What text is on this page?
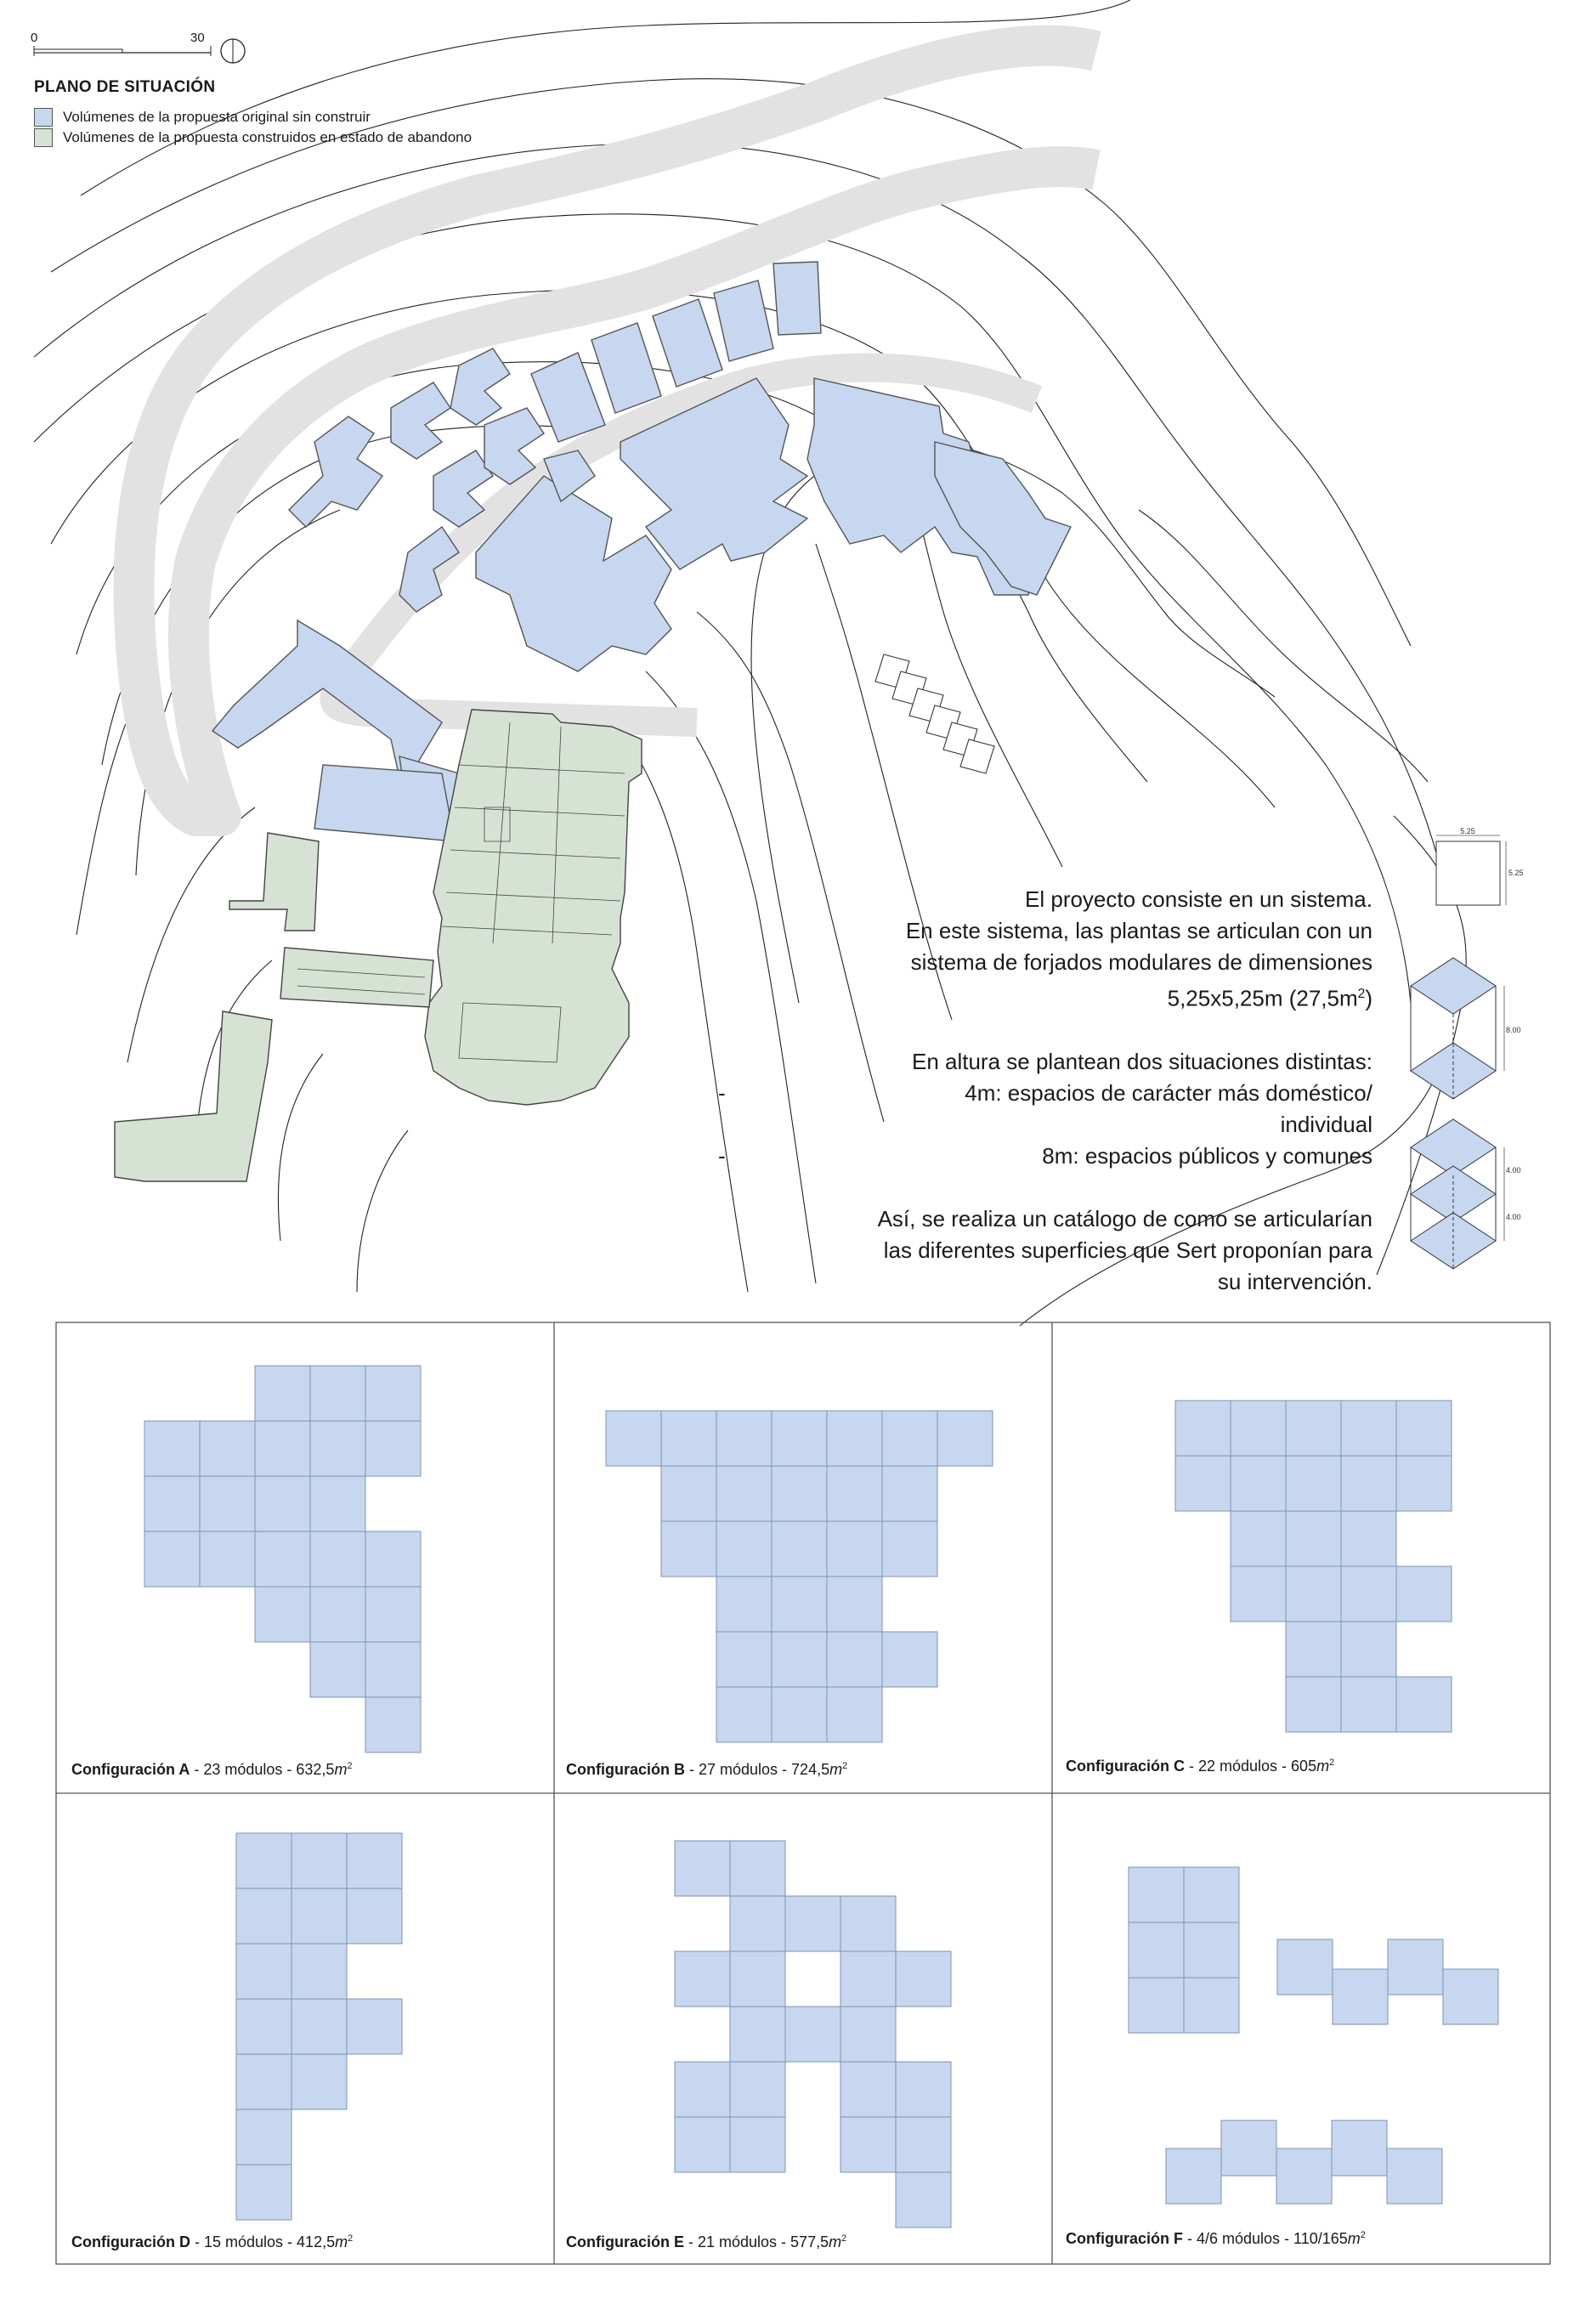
0	30
PLANO DE SITUACIÓN
Volúmenes de la propuesta original sin construir
Volúmenes de la propuesta construidos en estado de abandono

El proyecto consiste en un sistema.

En este sistema, las plantas se articulan con un

sistema de forjados modulares de dimensiones

5,25x5,25m $(27,5m^2)$

En altura se plantean dos situaciones distintas:

-	4m: espacios de carácter más doméstico/

individual

-	8m: espacios públicos y comunes

Así, se realiza un catálogo de como se articularían

las diferentes superficies que Sert proponían para

su intervención.

5.25
5.25
8.00
4.00
4.00
Configuración A - 23 módulos - $632,5m^2$	Configuración B - 27 módulos - $724,5m^2$	Configuración C - 22 módulos - $605m^2$
Configuración D - 15 módulos - $412,5m^2$	Configuración E - 21 módulos - $577,5m^2$	Configuración F - 4/6 módulos - $110/165m^2$
